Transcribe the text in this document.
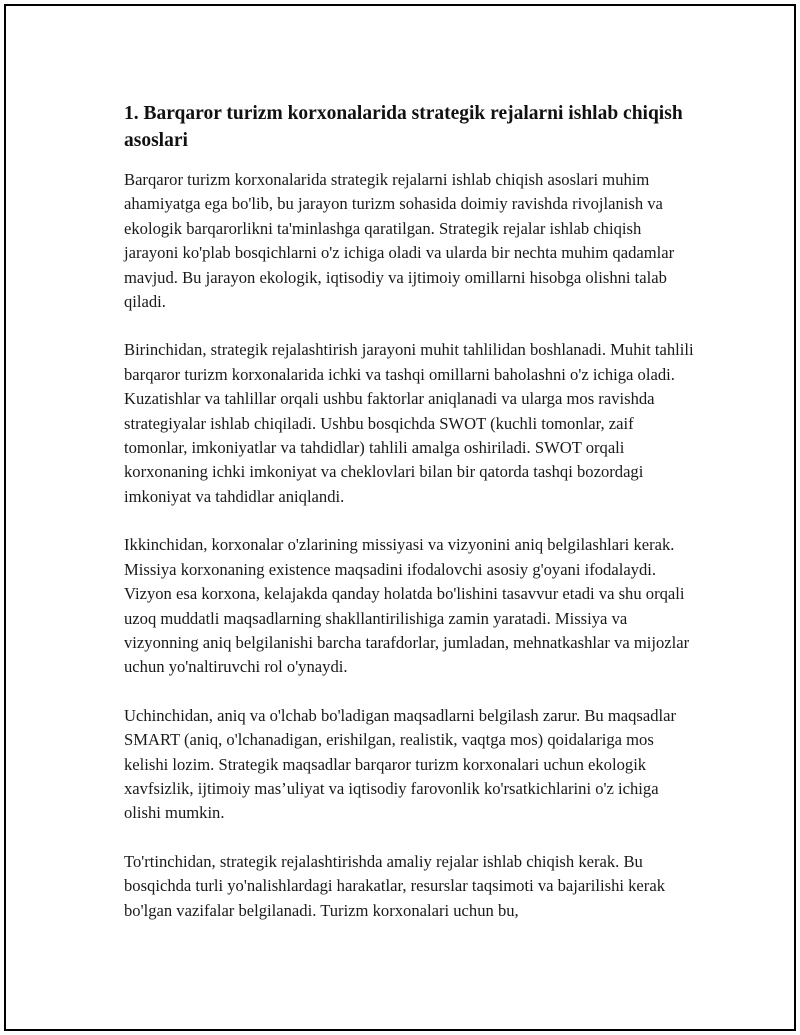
1. Barqaror turizm korxonalarida strategik rejalarni ishlab chiqish asoslari

Barqaror turizm korxonalarida strategik rejalarni ishlab chiqish asoslari muhim ahamiyatga ega bo'lib, bu jarayon turizm sohasida doimiy ravishda rivojlanish va ekologik barqarorlikni ta'minlashga qaratilgan. Strategik rejalar ishlab chiqish jarayoni ko'plab bosqichlarni o'z ichiga oladi va ularda bir nechta muhim qadamlar mavjud. Bu jarayon ekologik, iqtisodiy va ijtimoiy omillarni hisobga olishni talab qiladi.

Birinchidan, strategik rejalashtirish jarayoni muhit tahlilidan boshlanadi. Muhit tahlili barqaror turizm korxonalarida ichki va tashqi omillarni baholashni o'z ichiga oladi. Kuzatishlar va tahlillar orqali ushbu faktorlar aniqlanadi va ularga mos ravishda strategiyalar ishlab chiqiladi. Ushbu bosqichda SWOT (kuchli tomonlar, zaif tomonlar, imkoniyatlar va tahdidlar) tahlili amalga oshiriladi. SWOT orqali korxonaning ichki imkoniyat va cheklovlari bilan bir qatorda tashqi bozordagi imkoniyat va tahdidlar aniqlandi.

Ikkinchidan, korxonalar o'zlarining missiyasi va vizyonini aniq belgilashlari kerak. Missiya korxonaning existence maqsadini ifodalovchi asosiy g'oyani ifodalaydi. Vizyon esa korxona, kelajakda qanday holatda bo'lishini tasavvur etadi va shu orqali uzoq muddatli maqsadlarning shakllantirilishiga zamin yaratadi. Missiya va vizyonning aniq belgilanishi barcha tarafdorlar, jumladan, mehnatkashlar va mijozlar uchun yo'naltiruvchi rol o'ynaydi.

Uchinchidan, aniq va o'lchab bo'ladigan maqsadlarni belgilash zarur. Bu maqsadlar SMART (aniq, o'lchanadigan, erishilgan, realistik, vaqtga mos) qoidalariga mos kelishi lozim. Strategik maqsadlar barqaror turizm korxonalari uchun ekologik xavfsizlik, ijtimoiy mas’uliyat va iqtisodiy farovonlik ko'rsatkichlarini o'z ichiga olishi mumkin.

To'rtinchidan, strategik rejalashtirishda amaliy rejalar ishlab chiqish kerak. Bu bosqichda turli yo'nalishlardagi harakatlar, resurslar taqsimoti va bajarilishi kerak bo'lgan vazifalar belgilanadi. Turizm korxonalari uchun bu,
